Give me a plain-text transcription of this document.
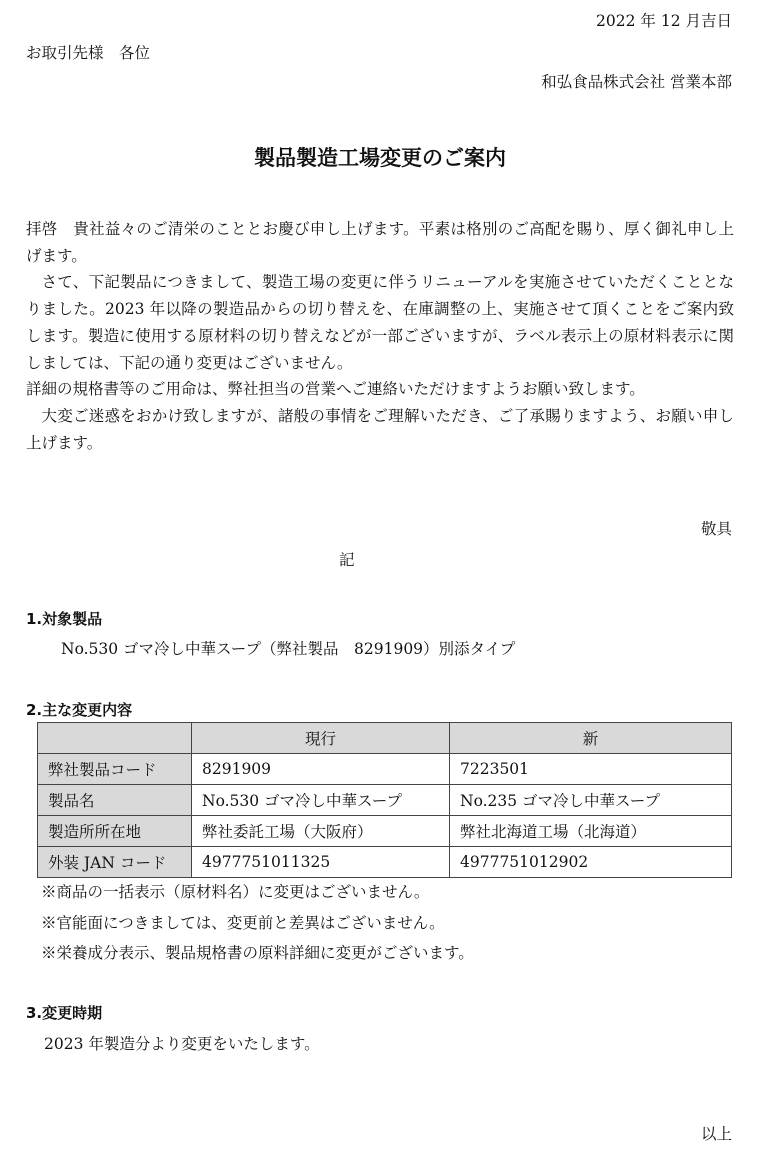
2022 年 12 月吉日
お取引先様　各位
和弘食品株式会社 営業本部
製品製造工場変更のご案内

拝啓　貴社益々のご清栄のこととお慶び申し上げます。平素は格別のご高配を賜り、厚く御礼申し上げます。

さて、下記製品につきまして、製造工場の変更に伴うリニューアルを実施させていただくこととなりました。2023 年以降の製造品からの切り替えを、在庫調整の上、実施させて頂くことをご案内致します。製造に使用する原材料の切り替えなどが一部ございますが、ラベル表示上の原材料表示に関しましては、下記の通り変更はございません。

詳細の規格書等のご用命は、弊社担当の営業へご連絡いただけますようお願い致します。

大変ご迷惑をおかけ致しますが、諸般の事情をご理解いただき、ご了承賜りますよう、お願い申し上げます。

敬具
記
1.対象製品
No.530 ゴマ冷し中華スープ（弊社製品　8291909）別添タイプ
2.主な変更内容
	現行	新
弊社製品コード	8291909	7223501
製品名	No.530 ゴマ冷し中華スープ	No.235 ゴマ冷し中華スープ
製造所所在地	弊社委託工場（大阪府）	弊社北海道工場（北海道）
外装 JAN コード	4977751011325	4977751012902
※商品の一括表示（原材料名）に変更はございません。
※官能面につきましては、変更前と差異はございません。
※栄養成分表示、製品規格書の原料詳細に変更がございます。
3.変更時期
2023 年製造分より変更をいたします。
以上
